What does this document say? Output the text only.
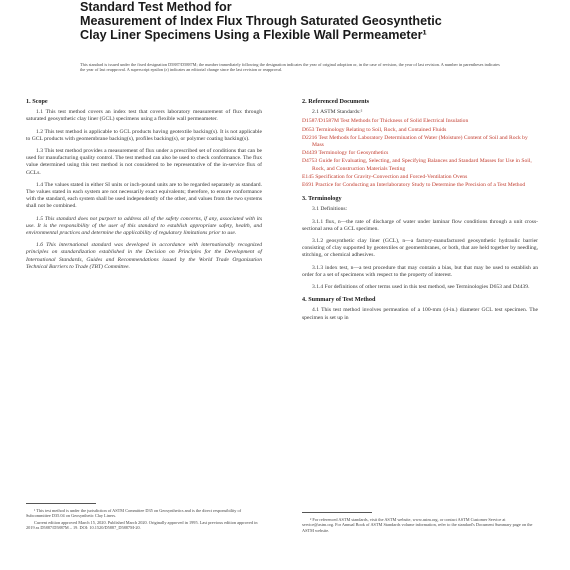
Standard Test Method for
Measurement of Index Flux Through Saturated Geosynthetic
Clay Liner Specimens Using a Flexible Wall Permeameter¹
This standard is issued under the fixed designation D5887/D5887M; the number immediately following the designation indicates the year of original adoption or, in the case of revision, the year of last revision. A number in parentheses indicates the year of last reapproval. A superscript epsilon (ε) indicates an editorial change since the last revision or reapproval.
1. Scope

1.1 This test method covers an index test that covers laboratory measurement of flux through saturated geosynthetic clay liner (GCL) specimens using a flexible wall permeameter.

1.2 This test method is applicable to GCL products having geotextile backing(s). It is not applicable to GCL products with geomembrane backing(s), profiles backing(s), or polymer coating backing(s).

1.3 This test method provides a measurement of flux under a prescribed set of conditions that can be used for manufacturing quality control. The test method can also be used to check conformance. The flux value determined using this test method is not considered to be representative of the in-service flux of GCLs.

1.4 The values stated in either SI units or inch-pound units are to be regarded separately as standard. The values stated in each system are not necessarily exact equivalents; therefore, to ensure conformance with the standard, each system shall be used independently of the other, and values from the two systems shall not be combined.

1.5 This standard does not purport to address all of the safety concerns, if any, associated with its use. It is the responsibility of the user of this standard to establish appropriate safety, health, and environmental practices and determine the applicability of regulatory limitations prior to use.

1.6 This international standard was developed in accordance with internationally recognized principles on standardization established in the Decision on Principles for the Development of International Standards, Guides and Recommendations issued by the World Trade Organization Technical Barriers to Trade (TBT) Committee.

¹ This test method is under the jurisdiction of ASTM Committee D35 on Geosynthetics and is the direct responsibility of Subcommittee D35.04 on Geosynthetic Clay Liners.

Current edition approved March 15, 2020. Published March 2020. Originally approved in 1995. Last previous edition approved in 2019 as D5887/D5887M – 19. DOI: 10.1520/D5887_D5887M-20.

2. Referenced Documents

2.1 ASTM Standards:²

D1587/D1587M Test Methods for Thickness of Solid Electrical Insulation
D653 Terminology Relating to Soil, Rock, and Contained Fluids
D2216 Test Methods for Laboratory Determination of Water (Moisture) Content of Soil and Rock by Mass
D4439 Terminology for Geosynthetics
D4753 Guide for Evaluating, Selecting, and Specifying Balances and Standard Masses for Use in Soil, Rock, and Construction Materials Testing
E145 Specification for Gravity-Convection and Forced-Ventilation Ovens
E691 Practice for Conducting an Interlaboratory Study to Determine the Precision of a Test Method
3. Terminology

3.1 Definitions:

3.1.1 flux, n—the rate of discharge of water under laminar flow conditions through a unit cross-sectional area of a GCL specimen.

3.1.2 geosynthetic clay liner (GCL), n—a factory-manufactured geosynthetic hydraulic barrier consisting of clay supported by geotextiles or geomembranes, or both, that are held together by needling, stitching, or chemical adhesives.

3.1.3 index test, n—a test procedure that may contain a bias, but that may be used to establish an order for a set of specimens with respect to the property of interest.

3.1.4 For definitions of other terms used in this test method, see Terminologies D653 and D4439.

4. Summary of Test Method

4.1 This test method involves permeation of a 100-mm (4-in.) diameter GCL test specimen. The specimen is set up in

² For referenced ASTM standards, visit the ASTM website, www.astm.org, or contact ASTM Customer Service at service@astm.org. For Annual Book of ASTM Standards volume information, refer to the standard's Document Summary page on the ASTM website.
